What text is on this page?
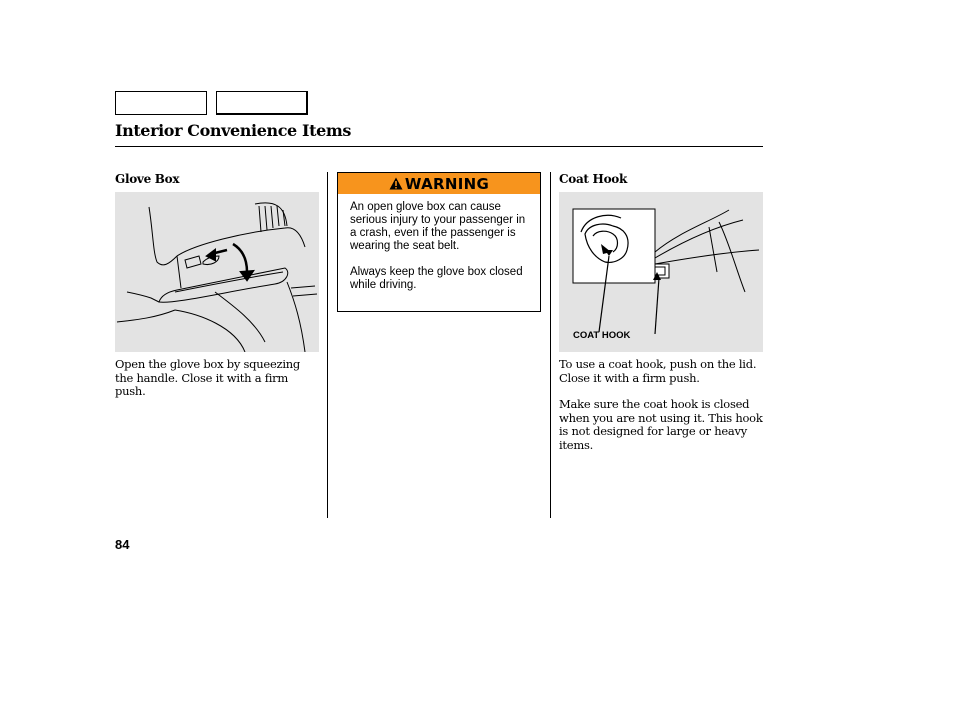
Interior Convenience Items
Glove Box

Open the glove box by squeezing the handle. Close it with a firm push.

WARNING

An open glove box can cause serious injury to your passenger in a crash, even if the passenger is wearing the seat belt.

Always keep the glove box closed while driving.

Coat Hook
COAT HOOK

To use a coat hook, push on the lid. Close it with a firm push.

Make sure the coat hook is closed when you are not using it. This hook is not designed for large or heavy items.

84
